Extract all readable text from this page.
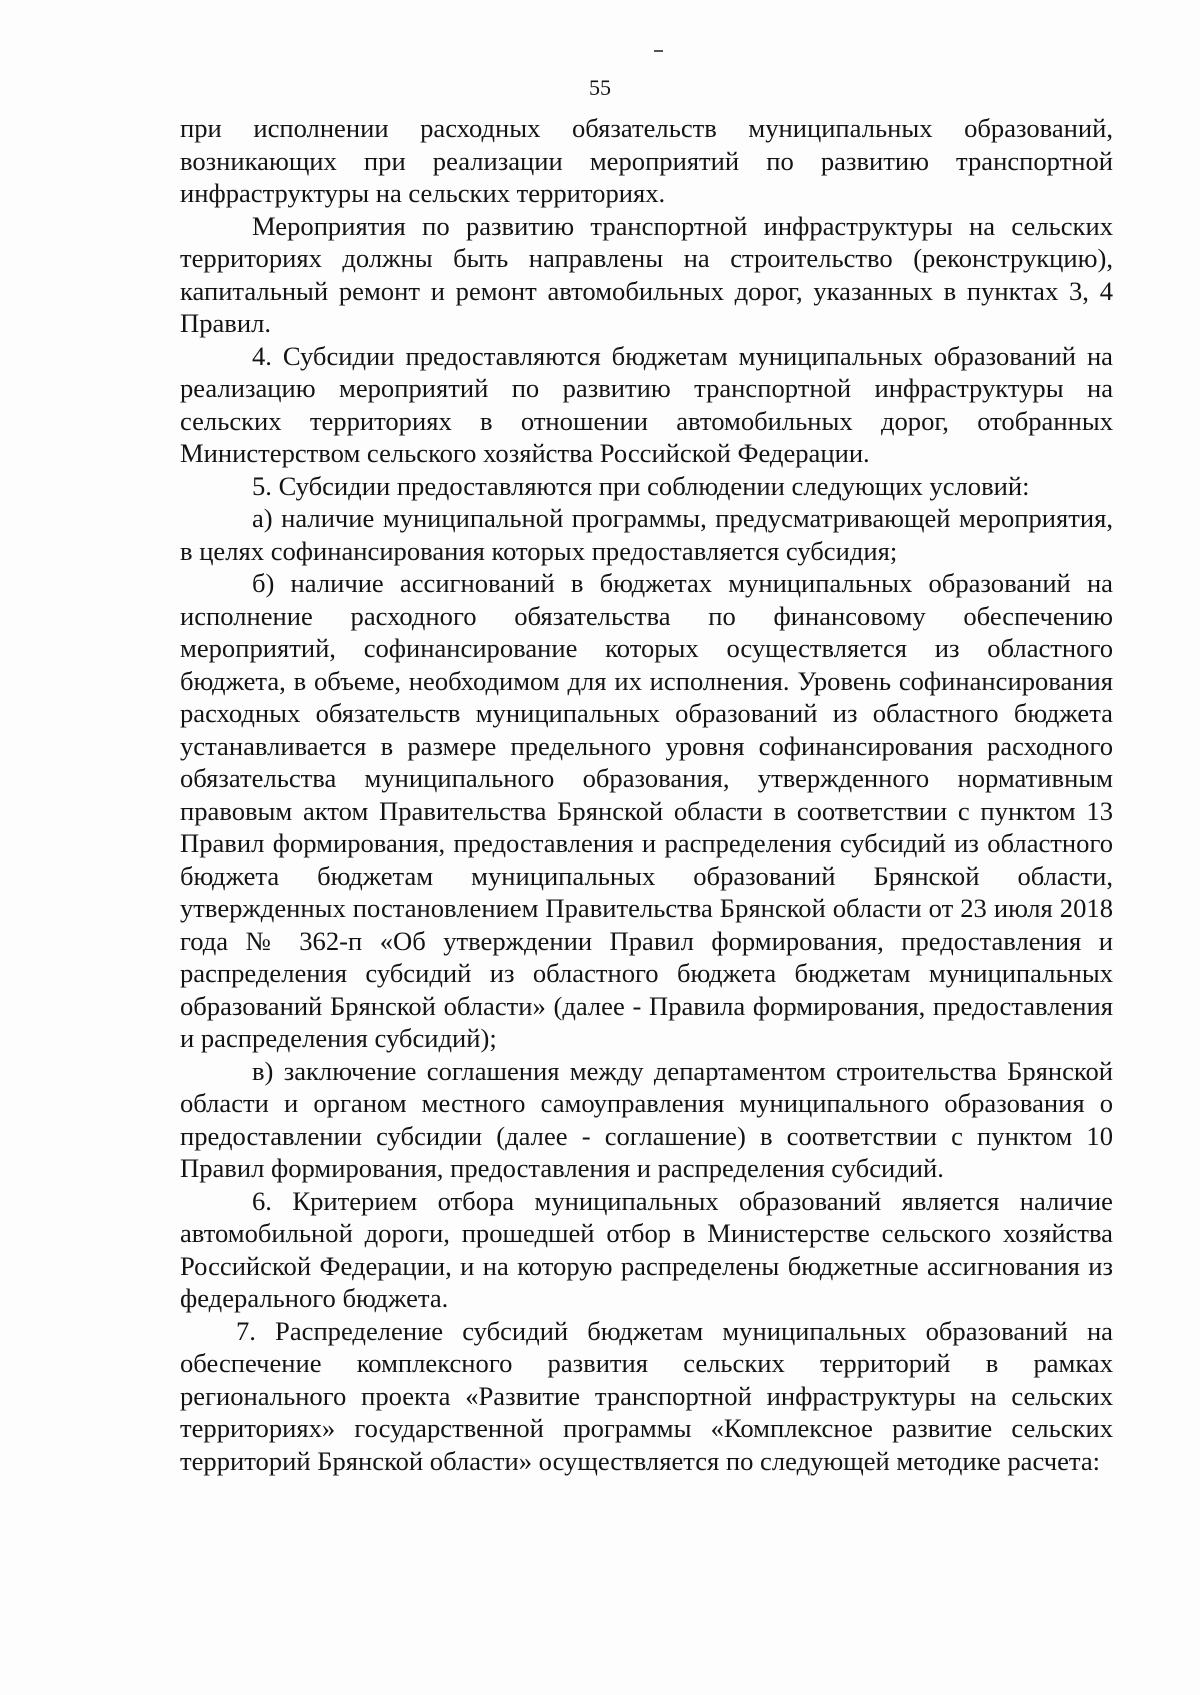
55

при исполнении расходных обязательств муниципальных образований, возникающих при реализации мероприятий по развитию транспортной инфраструктуры на сельских территориях.

Мероприятия по развитию транспортной инфраструктуры на сельских территориях должны быть направлены на строительство (реконструкцию), капитальный ремонт и ремонт автомобильных дорог, указанных в пунктах 3, 4 Правил.

4. Субсидии предоставляются бюджетам муниципальных образований на реализацию мероприятий по развитию транспортной инфраструктуры на сельских территориях в отношении автомобильных дорог, отобранных Министерством сельского хозяйства Российской Федерации.

5. Субсидии предоставляются при соблюдении следующих условий:

а) наличие муниципальной программы, предусматривающей мероприятия, в целях софинансирования которых предоставляется субсидия;

б) наличие ассигнований в бюджетах муниципальных образований на исполнение расходного обязательства по финансовому обеспечению мероприятий, софинансирование которых осуществляется из областного бюджета, в объеме, необходимом для их исполнения. Уровень софинансирования расходных обязательств муниципальных образований из областного бюджета устанавливается в размере предельного уровня софинансирования расходного обязательства муниципального образования, утвержденного нормативным правовым актом Правительства Брянской области в соответствии с пунктом 13 Правил формирования, предоставления и распределения субсидий из областного бюджета бюджетам муниципальных образований Брянской области, утвержденных постановлением Правительства Брянской области от 23 июля 2018 года № 362-п «Об утверждении Правил формирования, предоставления и распределения субсидий из областного бюджета бюджетам муниципальных образований Брянской области» (далее - Правила формирования, предоставления и распределения субсидий);

в) заключение соглашения между департаментом строительства Брянской области и органом местного самоуправления муниципального образования о предоставлении субсидии (далее - соглашение) в соответствии с пунктом 10 Правил формирования, предоставления и распределения субсидий.

6. Критерием отбора муниципальных образований является наличие автомобильной дороги, прошедшей отбор в Министерстве сельского хозяйства Российской Федерации, и на которую распределены бюджетные ассигнования из федерального бюджета.

7. Распределение субсидий бюджетам муниципальных образований на обеспечение комплексного развития сельских территорий в рамках регионального проекта «Развитие транспортной инфраструктуры на сельских территориях» государственной программы «Комплексное развитие сельских территорий Брянской области» осуществляется по следующей методике расчета:
